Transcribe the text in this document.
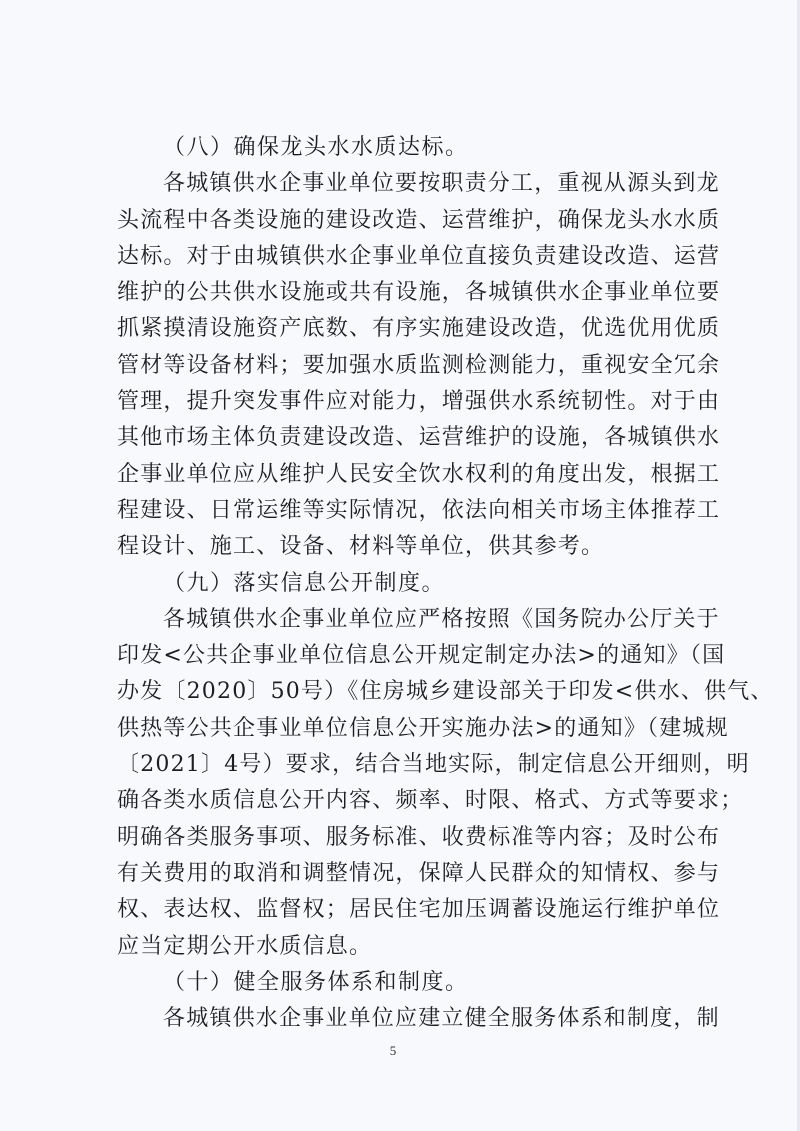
（八）确保龙头水水质达标。
各城镇供水企事业单位要按职责分工，重视从源头到龙
头流程中各类设施的建设改造、运营维护，确保龙头水水质
达标。对于由城镇供水企事业单位直接负责建设改造、运营
维护的公共供水设施或共有设施，各城镇供水企事业单位要
抓紧摸清设施资产底数、有序实施建设改造，优选优用优质
管材等设备材料；要加强水质监测检测能力，重视安全冗余
管理，提升突发事件应对能力，增强供水系统韧性。对于由
其他市场主体负责建设改造、运营维护的设施，各城镇供水
企事业单位应从维护人民安全饮水权利的角度出发，根据工
程建设、日常运维等实际情况，依法向相关市场主体推荐工
程设计、施工、设备、材料等单位，供其参考。
（九）落实信息公开制度。
各城镇供水企事业单位应严格按照《国务院办公厅关于
印发<公共企事业单位信息公开规定制定办法>的通知》（国
办发〔2020〕50号）《住房城乡建设部关于印发<供水、供气、
供热等公共企事业单位信息公开实施办法>的通知》（建城规
〔2021〕4号）要求，结合当地实际，制定信息公开细则，明
确各类水质信息公开内容、频率、时限、格式、方式等要求；
明确各类服务事项、服务标准、收费标准等内容；及时公布
有关费用的取消和调整情况，保障人民群众的知情权、参与
权、表达权、监督权；居民住宅加压调蓄设施运行维护单位
应当定期公开水质信息。
（十）健全服务体系和制度。
各城镇供水企事业单位应建立健全服务体系和制度，制
5
